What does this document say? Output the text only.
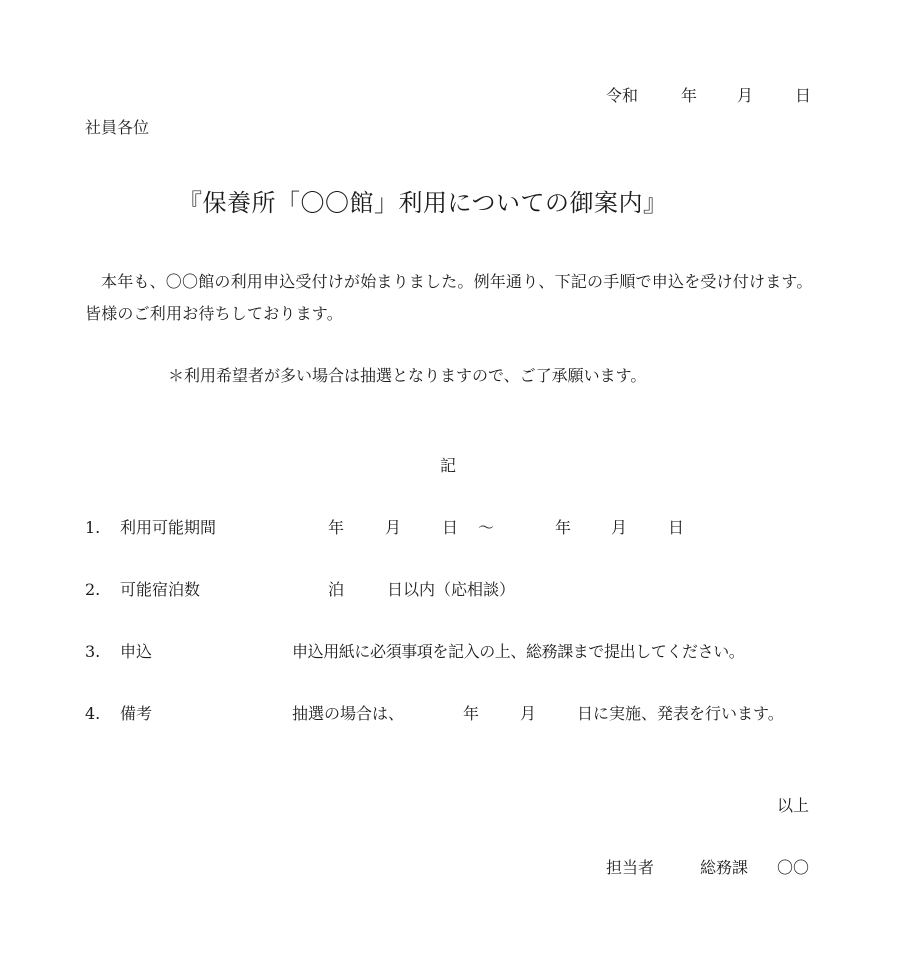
令和	年 月	日
社員各位
『保養所「〇〇館」利用についての御案内』
本年も、〇〇館の利用申込受付けが始まりました。例年通り、下記の手順で申込を受け付けます。皆様のご利用お待ちしております。
＊利用希望者が多い場合は抽選となりますので、ご了承願います。
記
1. 利用可能期間	年	月	日 ～	年 月	日
2. 可能宿泊数	泊	日以内（応相談）
3. 申込	申込用紙に必須事項を記入の上、総務課まで提出してください。
4. 備考	抽選の場合は、	年	月	日に実施、発表を行います。
以上
担当者	総務課 〇〇
